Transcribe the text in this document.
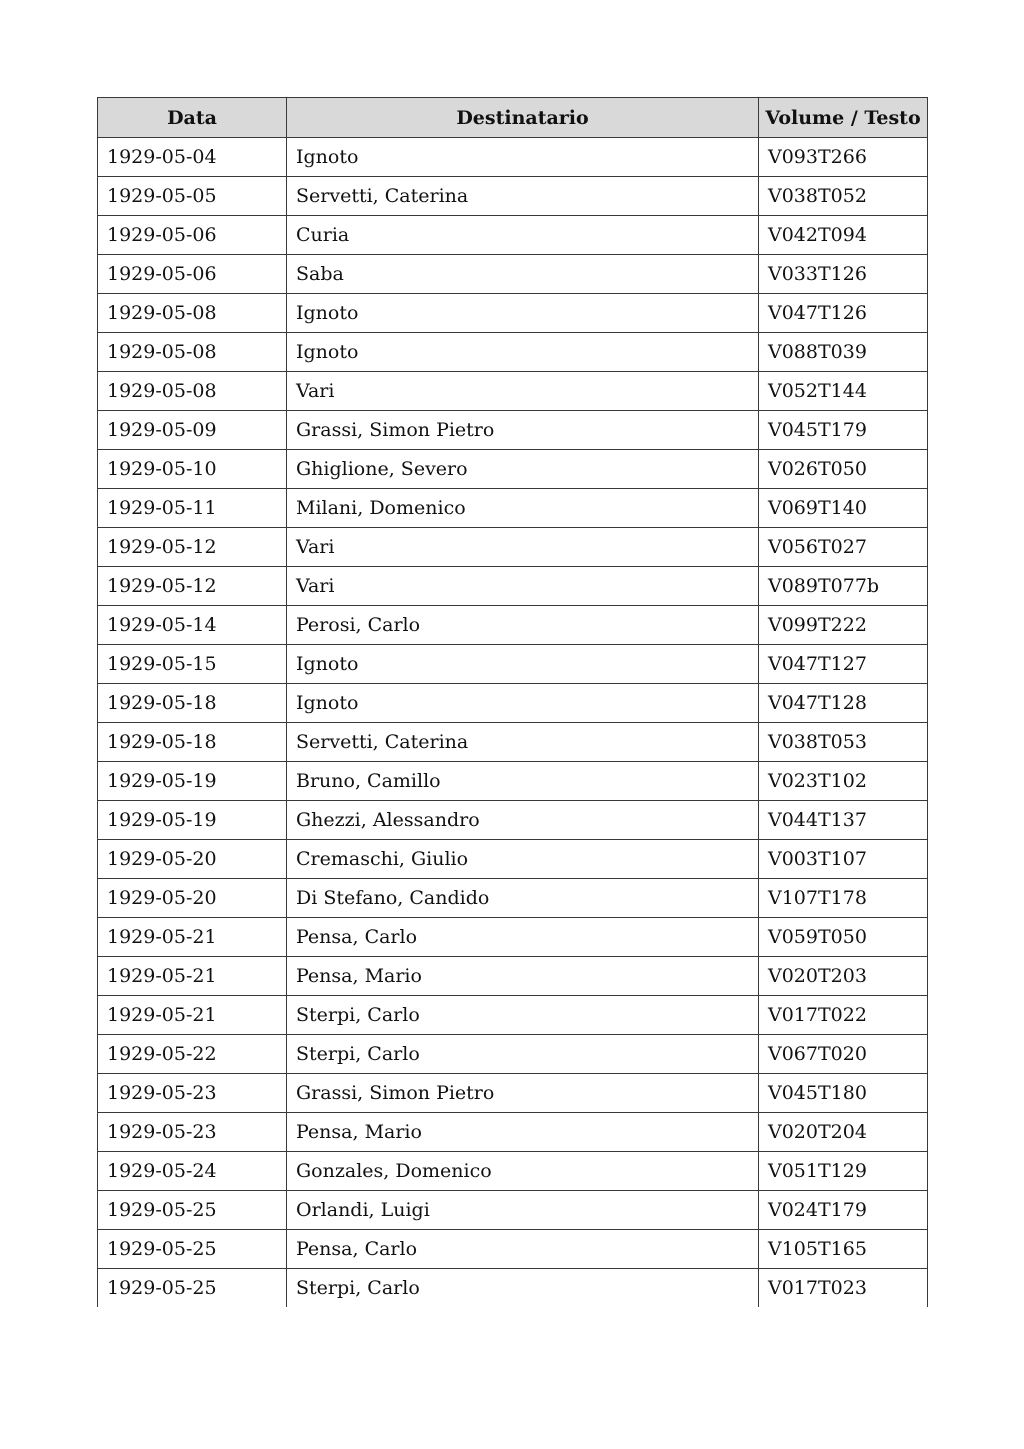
Data	Destinatario	Volume / Testo
1929-05-04	Ignoto	V093T266
1929-05-05	Servetti, Caterina	V038T052
1929-05-06	Curia	V042T094
1929-05-06	Saba	V033T126
1929-05-08	Ignoto	V047T126
1929-05-08	Ignoto	V088T039
1929-05-08	Vari	V052T144
1929-05-09	Grassi, Simon Pietro	V045T179
1929-05-10	Ghiglione, Severo	V026T050
1929-05-11	Milani, Domenico	V069T140
1929-05-12	Vari	V056T027
1929-05-12	Vari	V089T077b
1929-05-14	Perosi, Carlo	V099T222
1929-05-15	Ignoto	V047T127
1929-05-18	Ignoto	V047T128
1929-05-18	Servetti, Caterina	V038T053
1929-05-19	Bruno, Camillo	V023T102
1929-05-19	Ghezzi, Alessandro	V044T137
1929-05-20	Cremaschi, Giulio	V003T107
1929-05-20	Di Stefano, Candido	V107T178
1929-05-21	Pensa, Carlo	V059T050
1929-05-21	Pensa, Mario	V020T203
1929-05-21	Sterpi, Carlo	V017T022
1929-05-22	Sterpi, Carlo	V067T020
1929-05-23	Grassi, Simon Pietro	V045T180
1929-05-23	Pensa, Mario	V020T204
1929-05-24	Gonzales, Domenico	V051T129
1929-05-25	Orlandi, Luigi	V024T179
1929-05-25	Pensa, Carlo	V105T165
1929-05-25	Sterpi, Carlo	V017T023
